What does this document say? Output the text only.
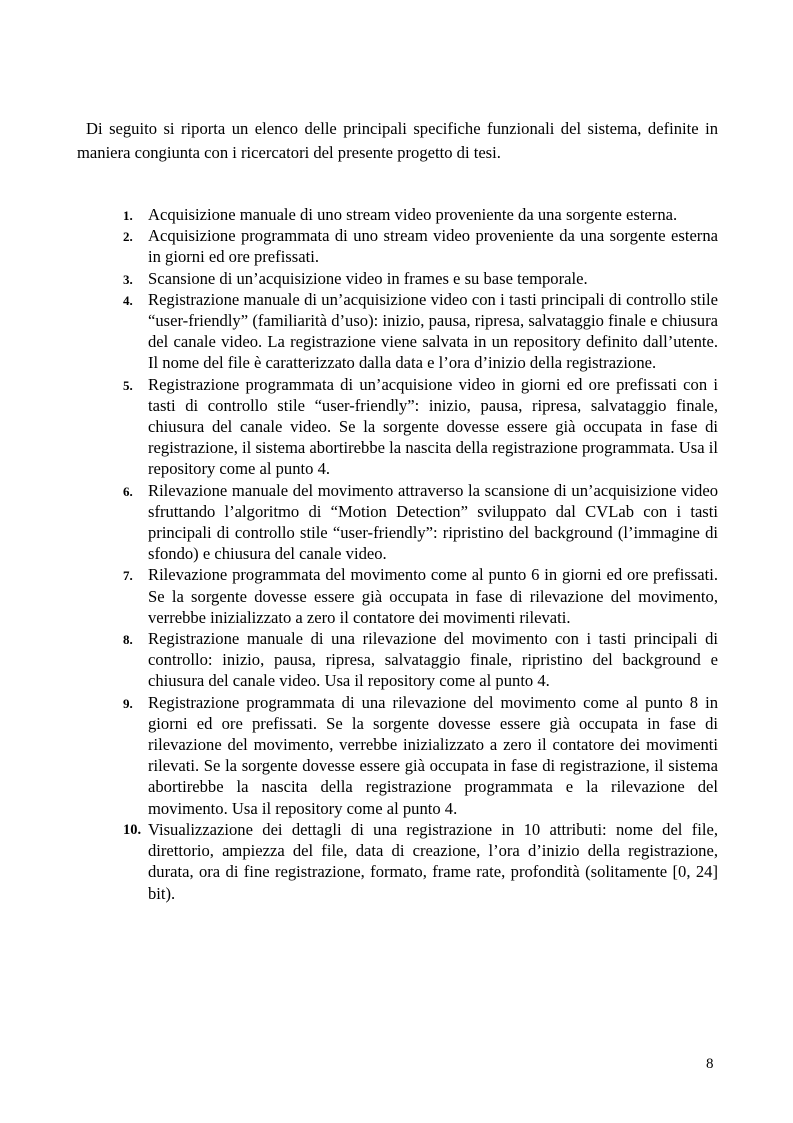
Di seguito si riporta un elenco delle principali specifiche funzionali del sistema, definite in maniera congiunta con i ricercatori del presente progetto di tesi.

1. Acquisizione manuale di uno stream video proveniente da una sorgente esterna.
2. Acquisizione programmata di uno stream video proveniente da una sorgente esterna in giorni ed ore prefissati.
3. Scansione di un’acquisizione video in frames e su base temporale.
4. Registrazione manuale di un’acquisizione video con i tasti principali di controllo stile “user-friendly” (familiarità d’uso): inizio, pausa, ripresa, salvataggio finale e chiusura del canale video. La registrazione viene salvata in un repository definito dall’utente. Il nome del file è caratterizzato dalla data e l’ora d’inizio della registrazione.
5. Registrazione programmata di un’acquisione video in giorni ed ore prefissati con i tasti di controllo stile “user-friendly”: inizio, pausa, ripresa, salvataggio finale, chiusura del canale video. Se la sorgente dovesse essere già occupata in fase di registrazione, il sistema abortirebbe la nascita della registrazione programmata. Usa il repository come al punto 4.
6. Rilevazione manuale del movimento attraverso la scansione di un’acquisizione video sfruttando l’algoritmo di “Motion Detection” sviluppato dal CVLab con i tasti principali di controllo stile “user-friendly”: ripristino del background (l’immagine di sfondo) e chiusura del canale video.
7. Rilevazione programmata del movimento come al punto 6 in giorni ed ore prefissati. Se la sorgente dovesse essere già occupata in fase di rilevazione del movimento, verrebbe inizializzato a zero il contatore dei movimenti rilevati.
8. Registrazione manuale di una rilevazione del movimento con i tasti principali di controllo: inizio, pausa, ripresa, salvataggio finale, ripristino del background e chiusura del canale video. Usa il repository come al punto 4.
9. Registrazione programmata di una rilevazione del movimento come al punto 8 in giorni ed ore prefissati. Se la sorgente dovesse essere già occupata in fase di rilevazione del movimento, verrebbe inizializzato a zero il contatore dei movimenti rilevati. Se la sorgente dovesse essere già occupata in fase di registrazione, il sistema abortirebbe la nascita della registrazione programmata e la rilevazione del movimento. Usa il repository come al punto 4.
10. Visualizzazione dei dettagli di una registrazione in 10 attributi: nome del file, direttorio, ampiezza del file, data di creazione, l’ora d’inizio della registrazione, durata, ora di fine registrazione, formato, frame rate, profondità (solitamente [0, 24] bit).
8
